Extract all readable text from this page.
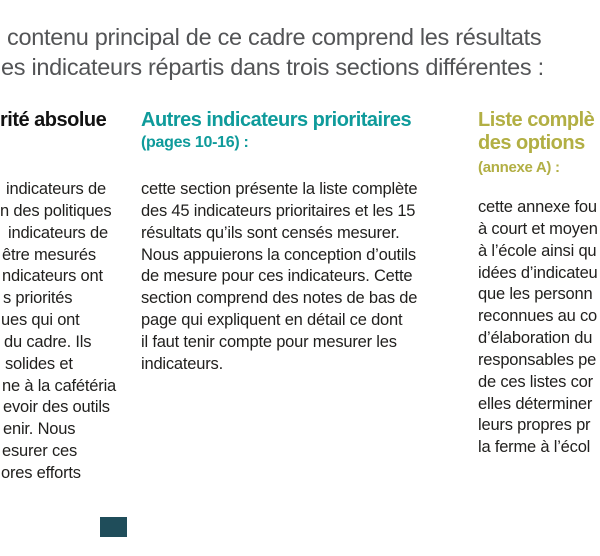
contenu principal de ce cadre comprend les résultats
es indicateurs répartis dans trois sections différentes :
rité absolue
indicateurs de
n des politiques
indicateurs de
être mesurés
ndicateurs ont
s priorités
ues qui ont
du cadre. Ils
solides et
ne à la cafétéria
evoir des outils
enir. Nous
esurer ces
ores efforts
Autres indicateurs prioritaires
(pages 10-16) :
cette section présente la liste complète
des 45 indicateurs prioritaires et les 15
résultats qu’ils sont censés mesurer.
Nous appuierons la conception d’outils
de mesure pour ces indicateurs. Cette
section comprend des notes de bas de
page qui expliquent en détail ce dont
il faut tenir compte pour mesurer les
indicateurs.
Liste complè
des options
(annexe A) :
cette annexe fou
à court et moyen
à l’école ainsi qu
idées d’indicateu
que les personn
reconnues au co
d’élaboration du
responsables pe
de ces listes cor
elles déterminer
leurs propres pr
la ferme à l’écol
